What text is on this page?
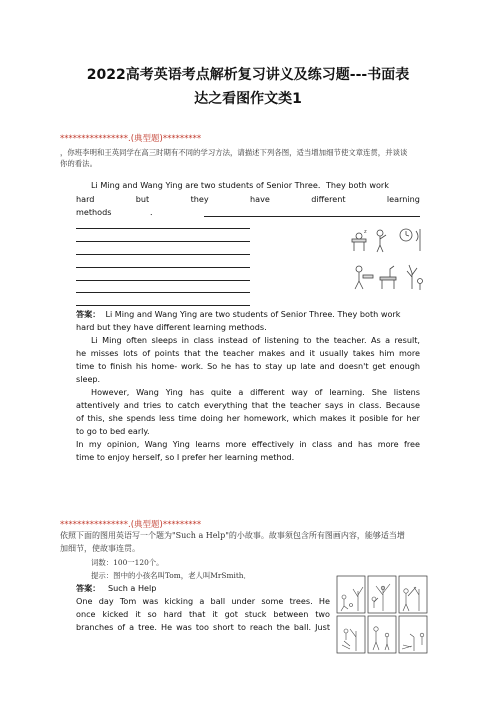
2022高考英语考点解析复习讲义及练习题---书面表
达之看图作文类1
****************.(典型题)*********
，你班李明和王英同学在高三时期有不同的学习方法，请描述下列各图，适当增加细节使文章连贯，并谈谈你的看法。
Li Ming and Wang Ying are two students of Senior Three．They both work
hard	but	they	have	different	learning
methods	．
z
答案： Li Ming and Wang Ying are two students of Senior Three. They both work
hard but they have different learning methods.
Li Ming often sleeps in class instead of listening to the teacher. As a result,
he misses lots of points that the teacher makes and it usually takes him more
time to finish his home- work. So he has to stay up late and doesn't get enough
sleep.
However, Wang Ying has quite a different way of learning. She listens
attentively and tries to catch everything that the teacher says in class. Because
of this, she spends less time doing her homework, which makes it posible for her
to go to bed early.
In my opinion, Wang Ying learns more effectively in class and has more free
time to enjoy herself, so I prefer her learning method.
****************.(典型题)*********
依照下面的图用英语写一个题为"Such a Help"的小故事。故事须包含所有图画内容，能够适当增加细节，使故事连贯。
词数：100一120个。
提示：图中的小孩名叫Tom，老人叫MrSmith．
答案： Such a Help
One day Tom was kicking a ball under some trees. He
once kicked it so hard that it got stuck between two
branches of a tree. He was too short to reach the ball. Just
